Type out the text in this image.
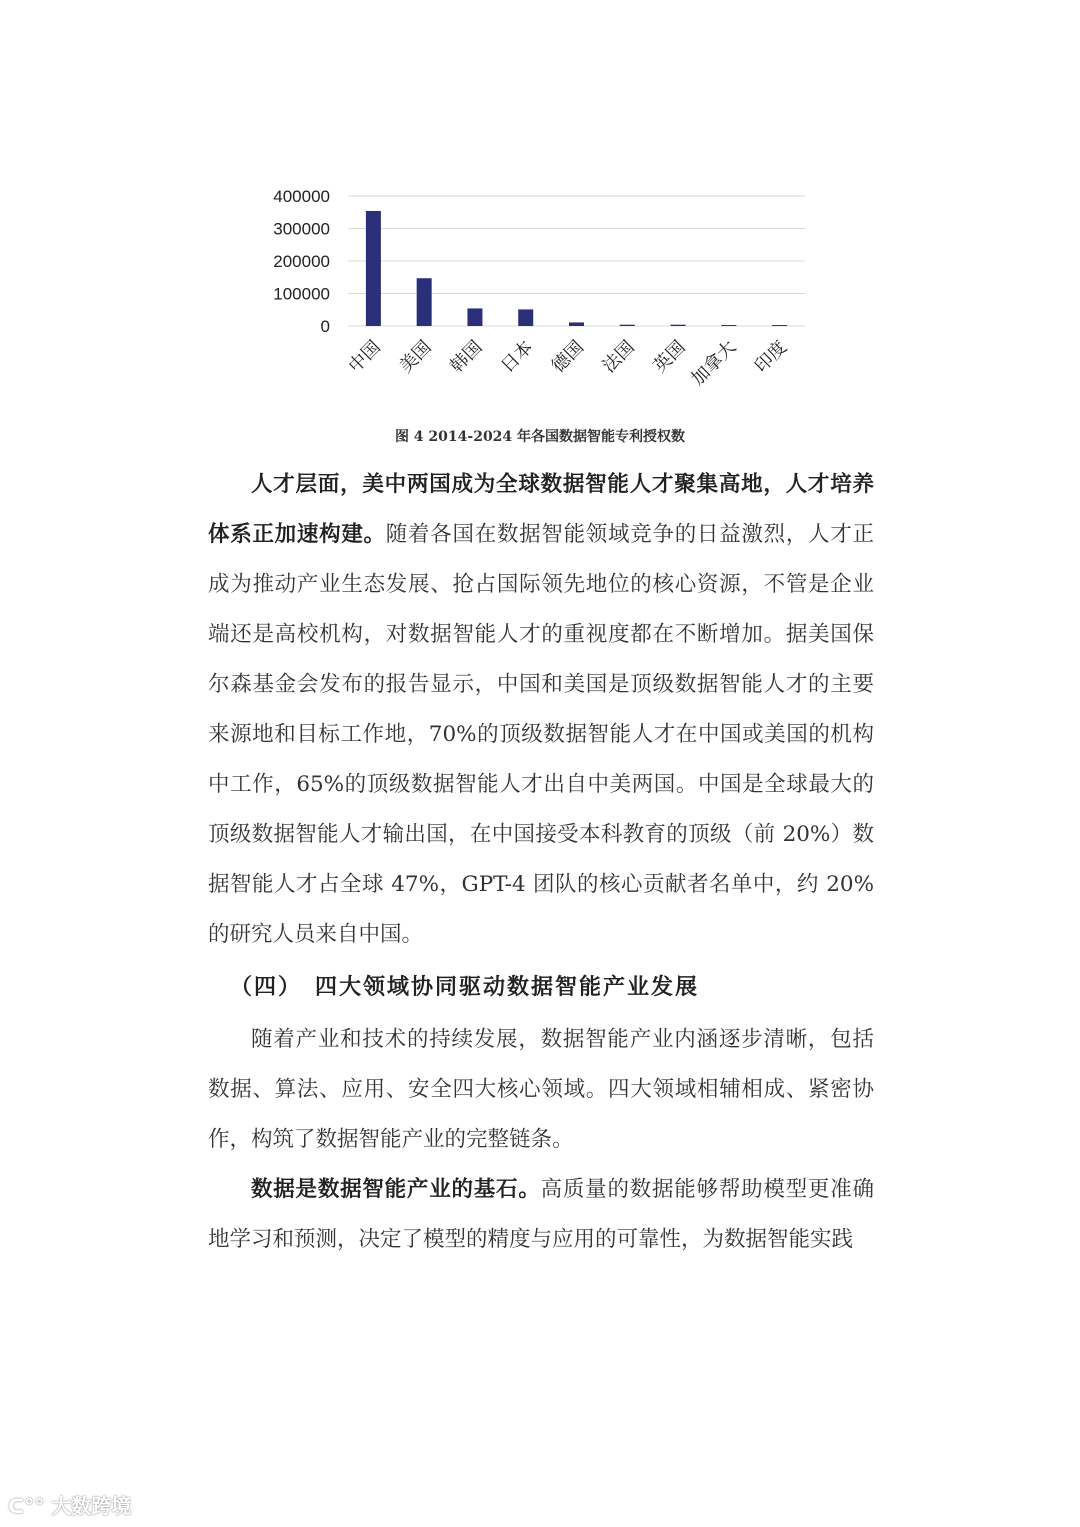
0
100000
200000
300000
400000
中国 美国 韩国 日本 德国 法国 英国
加拿大 印度
图 4 2014-2024 年各国数据智能专利授权数

人才层面，美中两国成为全球数据智能人才聚集高地，人才培养体系正加速构建。随着各国在数据智能领域竞争的日益激烈，人才正成为推动产业生态发展、抢占国际领先地位的核心资源，不管是企业端还是高校机构，对数据智能人才的重视度都在不断增加。据美国保尔森基金会发布的报告显示，中国和美国是顶级数据智能人才的主要来源地和目标工作地，70%的顶级数据智能人才在中国或美国的机构中工作，65%的顶级数据智能人才出自中美两国。中国是全球最大的顶级数据智能人才输出国，在中国接受本科教育的顶级（前 20%）数据智能人才占全球 47%，GPT-4 团队的核心贡献者名单中，约 20%的研究人员来自中国。

（四）　四大领域协同驱动数据智能产业发展

随着产业和技术的持续发展，数据智能产业内涵逐步清晰，包括数据、算法、应用、安全四大核心领域。四大领域相辅相成、紧密协作，构筑了数据智能产业的完整链条。

数据是数据智能产业的基石。高质量的数据能够帮助模型更准确地学习和预测，决定了模型的精度与应用的可靠性，为数据智能实践

ᑕ°° 大数跨境
